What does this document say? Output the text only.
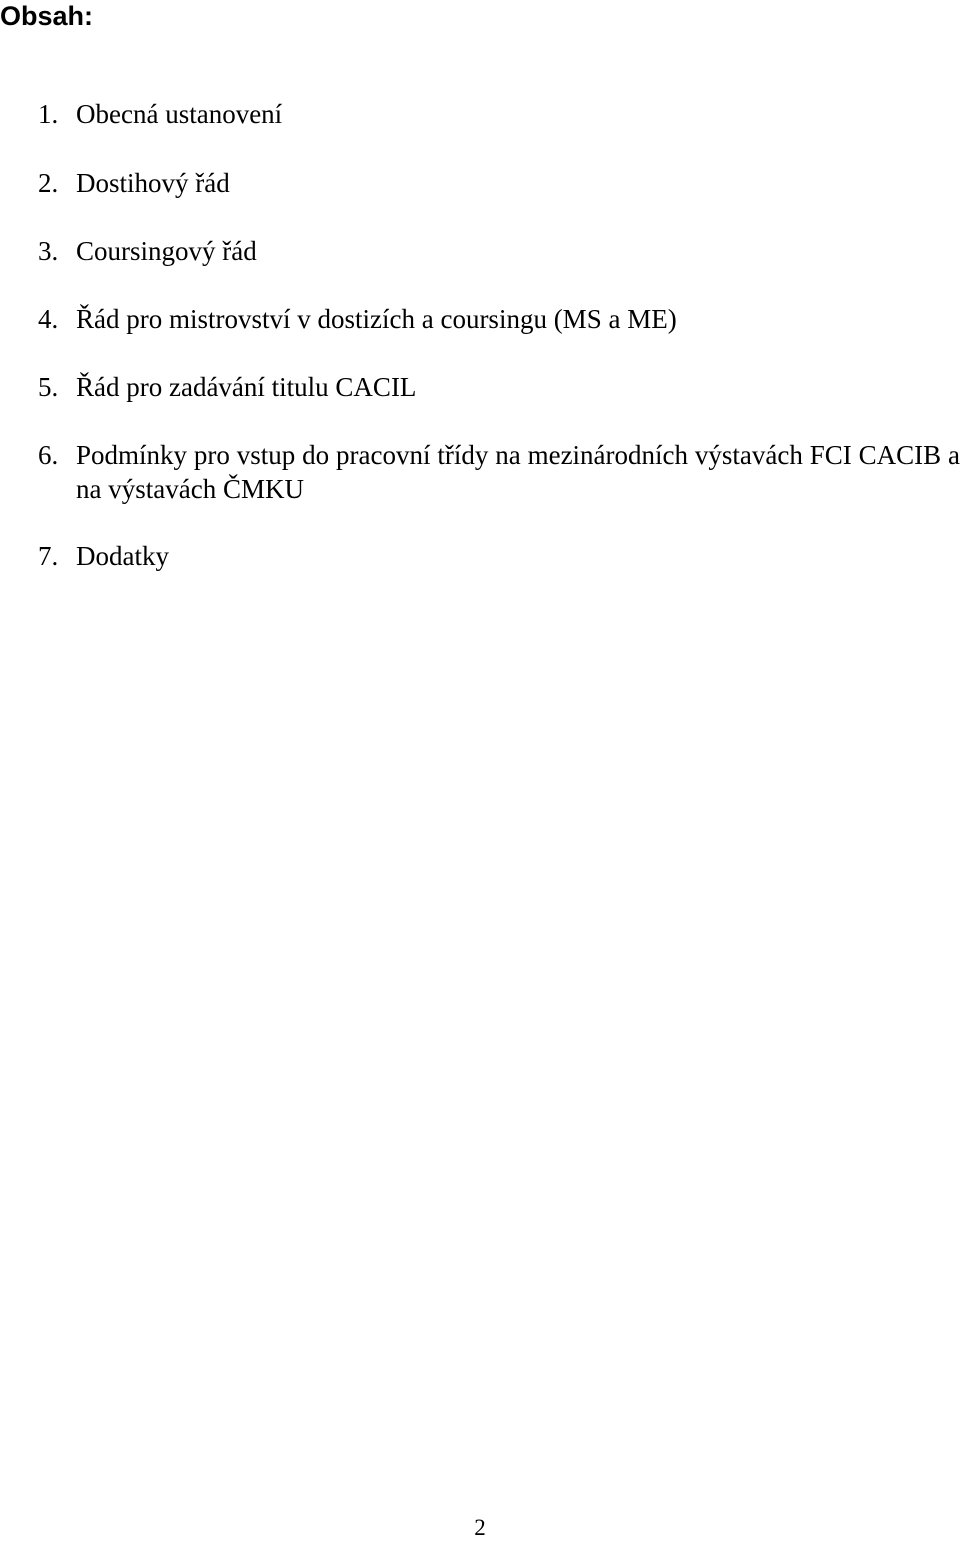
Obsah:
1. Obecná ustanovení
2. Dostihový řád
3. Coursingový řád
4. Řád pro mistrovství v dostizích a coursingu (MS a ME)
5. Řád pro zadávání titulu CACIL
6. Podmínky pro vstup do pracovní třídy na mezinárodních výstavách FCI CACIB a na výstavách ČMKU
7. Dodatky
2
